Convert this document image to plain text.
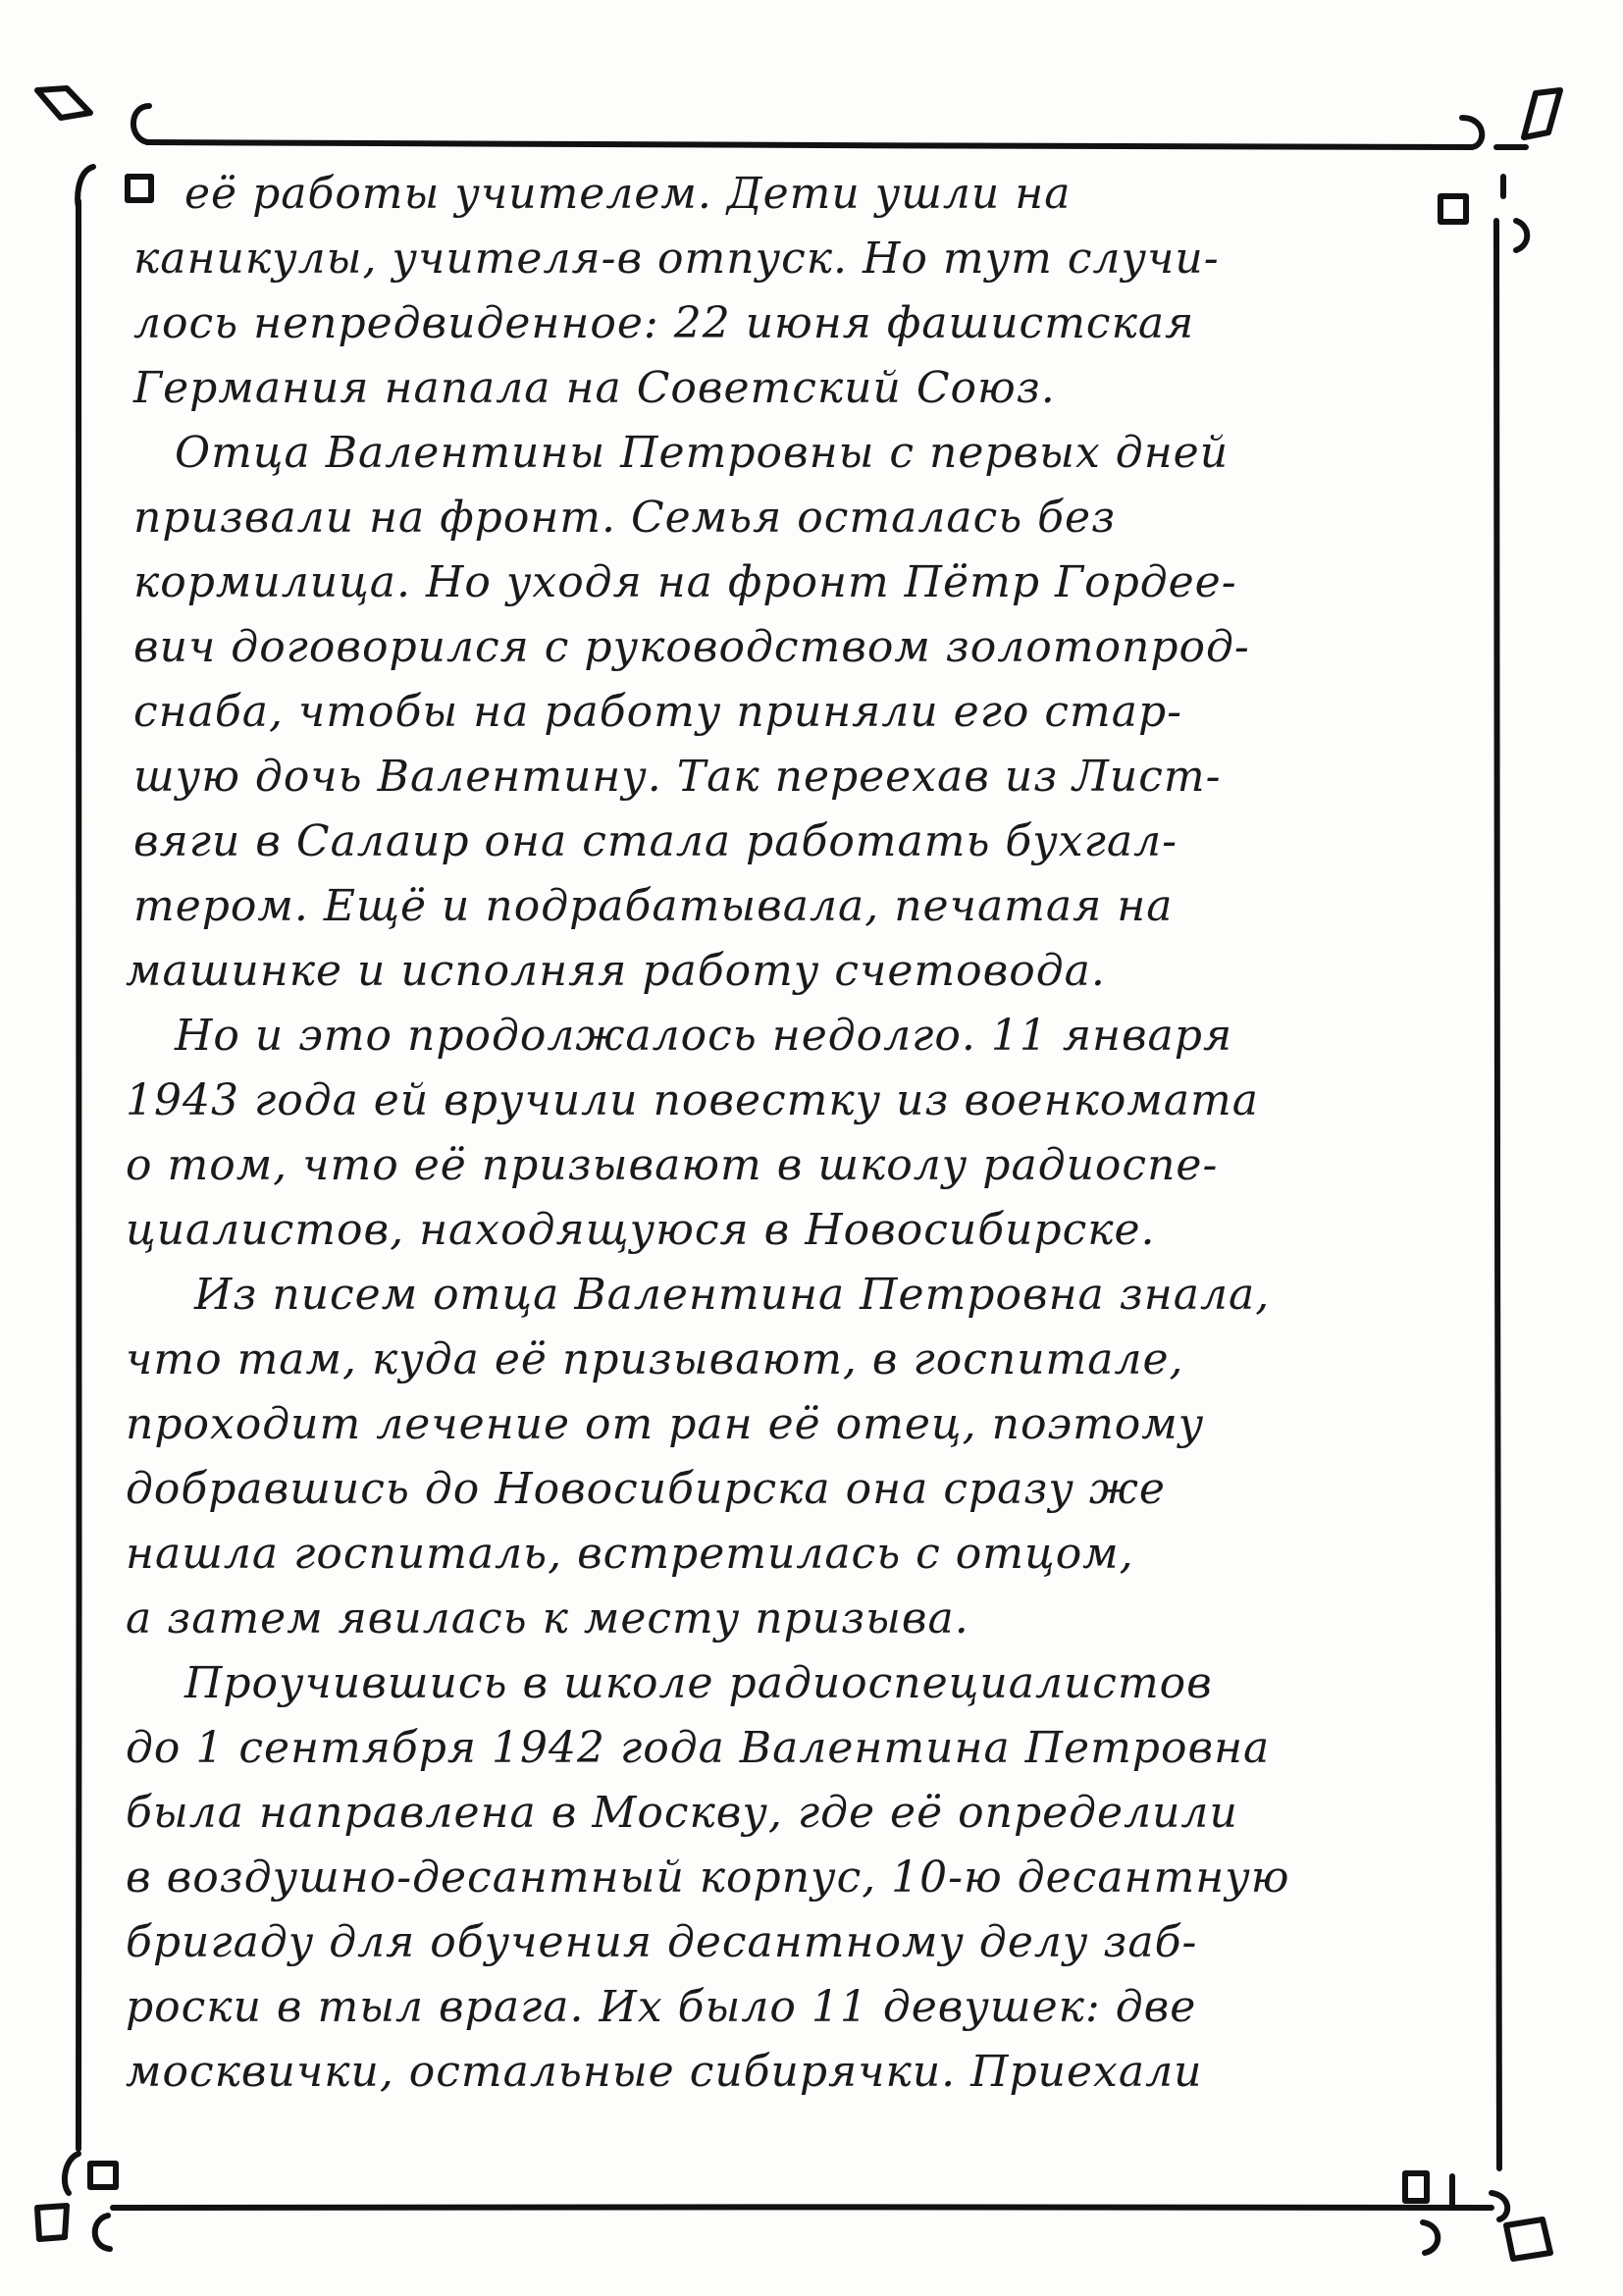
её работы учителем. Дети ушли на
каникулы, учителя-в отпуск. Но тут случи-
лось непредвиденное: 22 июня фашистская
Германия напала на Советский Союз.
Отца Валентины Петровны с первых дней
призвали на фронт. Семья осталась без
кормилица. Но уходя на фронт Пётр Гордее-
вич договорился с руководством золотопрод-
снаба, чтобы на работу приняли его стар-
шую дочь Валентину. Так переехав из Лист-
вяги в Салаир она стала работать бухгал-
тером. Ещё и подрабатывала, печатая на
машинке и исполняя работу счетовода.
Но и это продолжалось недолго. 11 января
1943 года ей вручили повестку из военкомата
о том, что её призывают в школу радиоспе-
циалистов, находящуюся в Новосибирске.
Из писем отца Валентина Петровна знала,
что там, куда её призывают, в госпитале,
проходит лечение от ран её отец, поэтому
добравшись до Новосибирска она сразу же
нашла госпиталь, встретилась с отцом,
а затем явилась к месту призыва.
Проучившись в школе радиоспециалистов
до 1 сентября 1942 года Валентина Петровна
была направлена в Москву, где её определили
в воздушно-десантный корпус, 10-ю десантную
бригаду для обучения десантному делу заб-
роски в тыл врага. Их было 11 девушек: две
москвички, остальные сибирячки. Приехали
